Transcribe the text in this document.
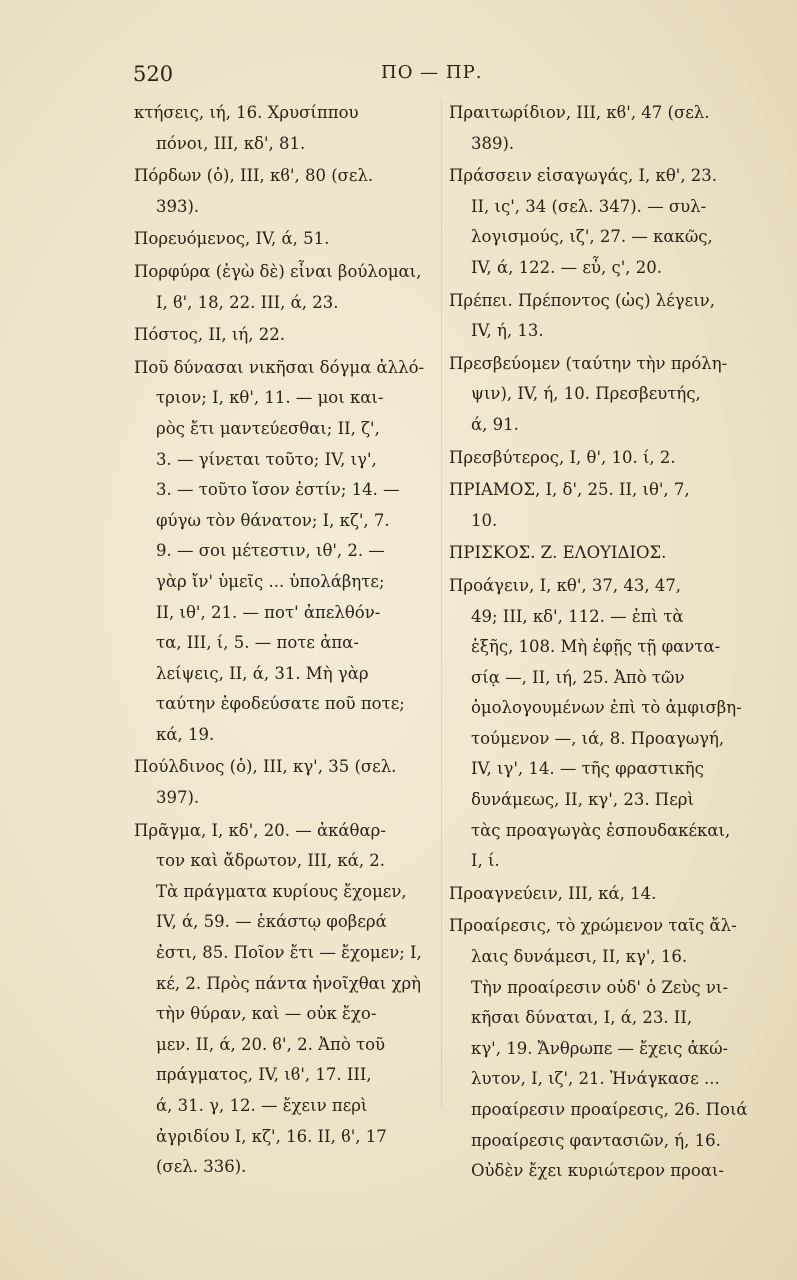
520	ΠΟ — ΠΡ.
κτήσεις, ιή, 16. Χρυσίππου
πόνοι, III, κδ', 81.
Πόρδων (ὁ), III, κϐ', 80 (σελ.
393).
Πορευόμενος, IV, ά, 51.
Πορφύρα (ἐγὼ δὲ) εἶναι βούλομαι,
I, ϐ', 18, 22. III, ά, 23.
Πόστος, II, ιή, 22.
Ποῦ δύνασαι νικῆσαι δόγμα ἀλλό-
τριον; I, κθ', 11. — μοι και-
ρὸς ἔτι μαντεύεσθαι; II, ζ',
3. — γίνεται τοῦτο; IV, ιγ',
3. — τοῦτο ἴσον ἐστίν; 14. —
φύγω τὸν θάνατον; I, κζ', 7.
9. — σοι μέτεστιν, ιθ', 2. —
γὰρ ἴν' ὑμεῖς ... ὑπολάβητε;
II, ιθ', 21. — ποτ' ἀπελθόν-
τα, III, ί, 5. — ποτε ἀπα-
λείψεις, II, ά, 31. Μὴ γὰρ
ταύτην ἐφοδεύσατε ποῦ ποτε;
κά, 19.
Πούλδινος (ὁ), III, κγ', 35 (σελ.
397).
Πρᾶγμα, I, κδ', 20. — ἀκάθαρ-
τον καὶ ἄδρωτον, III, κά, 2.
Τὰ πράγματα κυρίους ἔχομεν,
IV, ά, 59. — ἑκάστῳ φοβερά
ἐστι, 85. Ποῖον ἔτι — ἔχομεν; I,
κέ, 2. Πρὸς πάντα ἠνοῖχθαι χρὴ
τὴν θύραν, καὶ — οὐκ ἔχο-
μεν. II, ά, 20. ϐ', 2. Ἀπὸ τοῦ
πράγματος, IV, ιϐ', 17. III,
ά, 31. γ, 12. — ἔχειν περὶ
ἀγριδίου I, κζ', 16. II, ϐ', 17
(σελ. 336).
Πραιτωρίδιον, III, κϐ', 47 (σελ.
389).
Πράσσειν εἰσαγωγάς, I, κθ', 23.
II, ις', 34 (σελ. 347). — συλ-
λογισμούς, ιζ', 27. — κακῶς,
IV, ά, 122. — εὖ, ς', 20.
Πρέπει. Πρέποντος (ὡς) λέγειν,
IV, ή, 13.
Πρεσβεύομεν (ταύτην τὴν πρόλη-
ψιν), IV, ή, 10. Πρεσβευτής,
ά, 91.
Πρεσβύτερος, I, θ', 10. ί, 2.
ΠΡΙΑΜΟΣ, I, δ', 25. II, ιθ', 7,
10.
ΠΡΙΣΚΟΣ. Ζ. ΕΛΟΥΙΔΙΟΣ.
Προάγειν, I, κθ', 37, 43, 47,
49; III, κδ', 112. — ἐπὶ τὰ
ἑξῆς, 108. Μὴ ἐφῇς τῇ φαντα-
σίᾳ —, II, ιή, 25. Ἀπὸ τῶν
ὁμολογουμένων ἐπὶ τὸ ἀμφισβη-
τούμενον —, ιά, 8. Προαγωγή,
IV, ιγ', 14. — τῆς φραστικῆς
δυνάμεως, II, κγ', 23. Περὶ
τὰς προαγωγὰς ἐσπουδακέκαι,
I, ί.
Προαγνεύειν, III, κά, 14.
Προαίρεσις, τὸ χρώμενον ταῖς ἄλ-
λαις δυνάμεσι, II, κγ', 16.
Τὴν προαίρεσιν οὐδ' ὁ Ζεὺς νι-
κῆσαι δύναται, I, ά, 23. II,
κγ', 19. Ἄνθρωπε — ἔχεις ἀκώ-
λυτον, I, ιζ', 21. Ἠνάγκασε ...
προαίρεσιν προαίρεσις, 26. Ποιά
προαίρεσις φαντασιῶν, ή, 16.
Οὐδὲν ἔχει κυριώτερον προαι-
